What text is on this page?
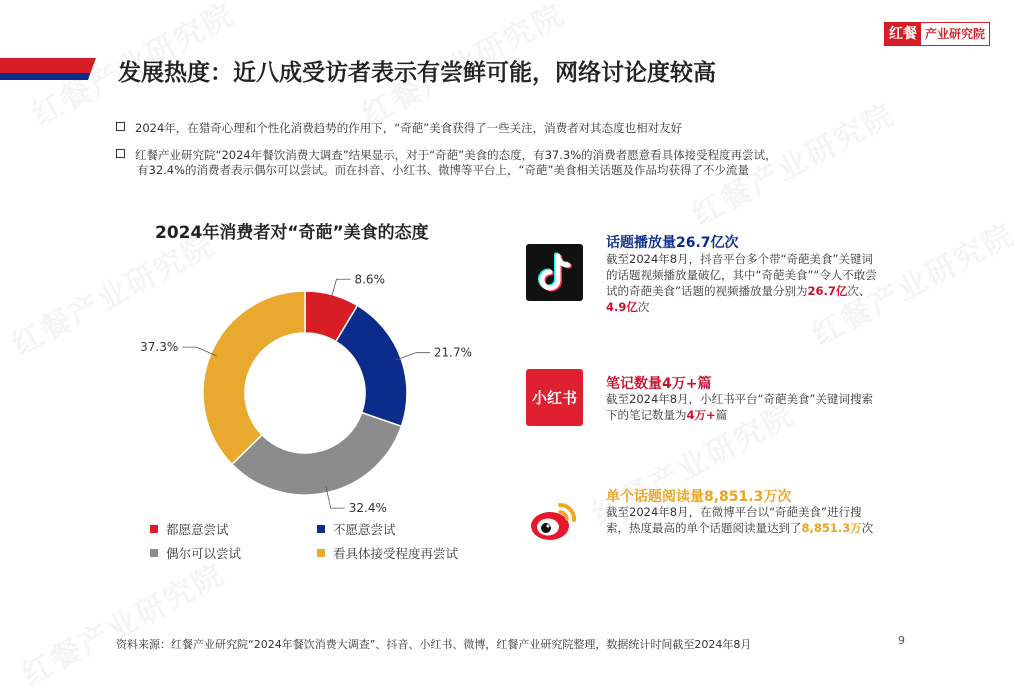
发展热度：近八成受访者表示有尝鲜可能，网络讨论度较高
红餐 产业研究院
2024年，在猎奇心理和个性化消费趋势的作用下，“奇葩”美食获得了一些关注，消费者对其态度也相对友好
红餐产业研究院“2024年餐饮消费大调查”结果显示，对于“奇葩”美食的态度，有37.3%的消费者愿意看具体接受程度再尝试，
有32.4%的消费者表示偶尔可以尝试。而在抖音、小红书、微博等平台上，“奇葩”美食相关话题及作品均获得了不少流量
2024年消费者对“奇葩”美食的态度
8.6%
21.7%
32.4%
37.3%
都愿意尝试	不愿意尝试
偶尔可以尝试	看具体接受程度再尝试
话题播放量26.7亿次
截至2024年8月，抖音平台多个带“奇葩美食”关键词的话题视频播放量破亿，其中“奇葩美食”“令人不敢尝试的奇葩美食”话题的视频播放量分别为26.7亿次、4.9亿次
小红书
笔记数量4万+篇
截至2024年8月，小红书平台“奇葩美食”关键词搜索下的笔记数量为4万+篇
单个话题阅读量8,851.3万次
截至2024年8月，在微博平台以“奇葩美食”进行搜索，热度最高的单个话题阅读量达到了8,851.3万次
资料来源：红餐产业研究院“2024年餐饮消费大调查”、抖音、小红书、微博，红餐产业研究院整理，数据统计时间截至2024年8月	9
